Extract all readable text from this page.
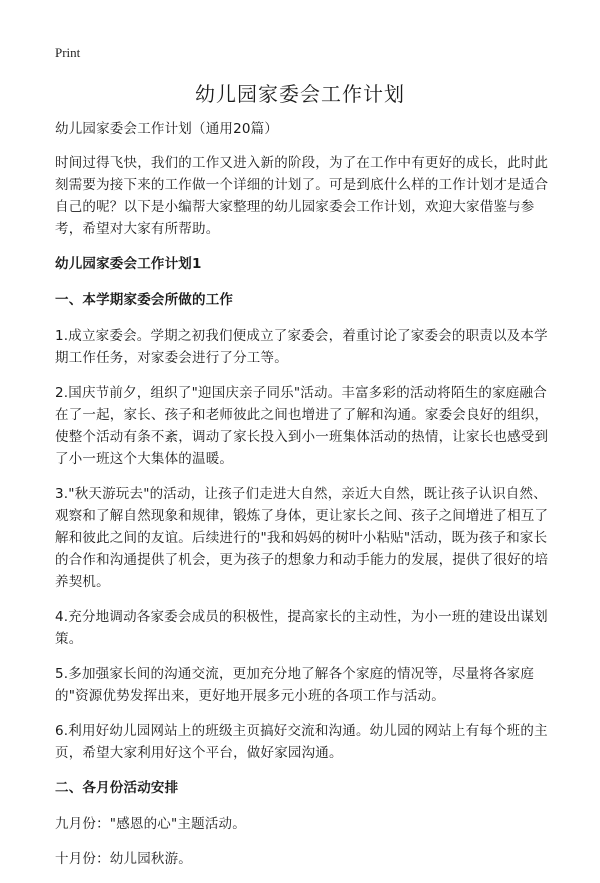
Print
幼儿园家委会工作计划

幼儿园家委会工作计划（通用20篇）

时间过得飞快，我们的工作又进入新的阶段，为了在工作中有更好的成长，此时此刻需要为接下来的工作做一个详细的计划了。可是到底什么样的工作计划才是适合自己的呢？以下是小编帮大家整理的幼儿园家委会工作计划，欢迎大家借鉴与参考，希望对大家有所帮助。

幼儿园家委会工作计划1

一、本学期家委会所做的工作

1.成立家委会。学期之初我们便成立了家委会，着重讨论了家委会的职责以及本学期工作任务，对家委会进行了分工等。

2.国庆节前夕，组织了"迎国庆亲子同乐"活动。丰富多彩的活动将陌生的家庭融合在了一起，家长、孩子和老师彼此之间也增进了了解和沟通。家委会良好的组织，使整个活动有条不紊，调动了家长投入到小一班集体活动的热情，让家长也感受到了小一班这个大集体的温暖。

3."秋天游玩去"的活动，让孩子们走进大自然，亲近大自然，既让孩子认识自然、观察和了解自然现象和规律，锻炼了身体，更让家长之间、孩子之间增进了相互了解和彼此之间的友谊。后续进行的"我和妈妈的树叶小粘贴"活动，既为孩子和家长的合作和沟通提供了机会，更为孩子的想象力和动手能力的发展，提供了很好的培养契机。

4.充分地调动各家委会成员的积极性，提高家长的主动性，为小一班的建设出谋划策。

5.多加强家长间的沟通交流，更加充分地了解各个家庭的情况等，尽量将各家庭的"资源优势发挥出来，更好地开展多元小班的各项工作与活动。

6.利用好幼儿园网站上的班级主页搞好交流和沟通。幼儿园的网站上有每个班的主页，希望大家利用好这个平台，做好家园沟通。

二、各月份活动安排

九月份："感恩的心"主题活动。

十月份：幼儿园秋游。
